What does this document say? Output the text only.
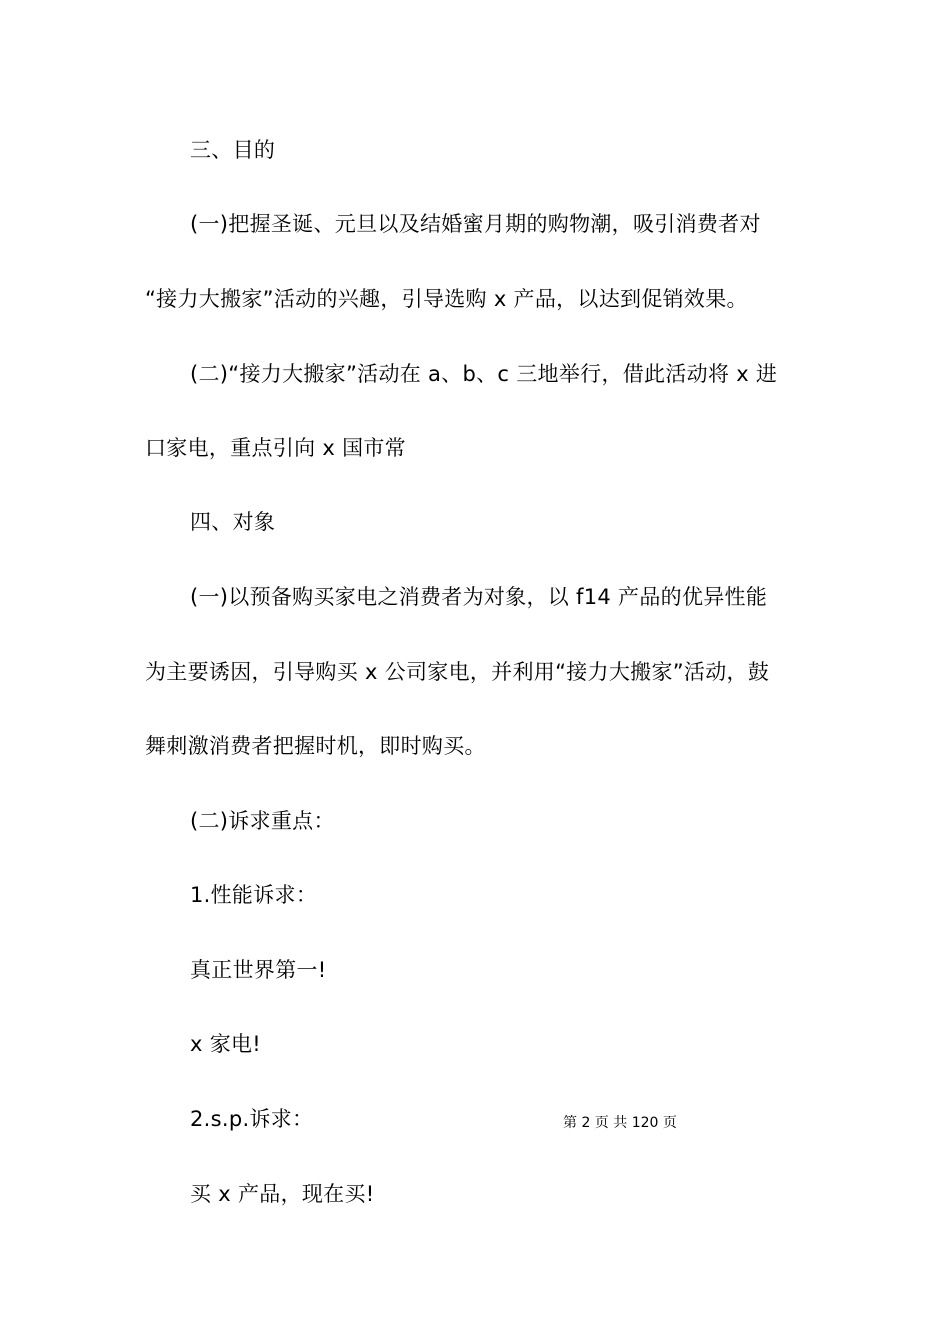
三、目的

(一)把握圣诞、元旦以及结婚蜜月期的购物潮，吸引消费者对

“接力大搬家”活动的兴趣，引导选购 x 产品，以达到促销效果。

(二)“接力大搬家”活动在 a、b、c 三地举行，借此活动将 x 进

口家电，重点引向 x 国市常

四、对象

(一)以预备购买家电之消费者为对象，以 f14 产品的优异性能

为主要诱因，引导购买 x 公司家电，并利用“接力大搬家”活动，鼓

舞刺激消费者把握时机，即时购买。

(二)诉求重点：

1.性能诉求：

真正世界第一!

x 家电!

2.s.p.诉求：

买 x 产品，现在买!

第 2 页 共 120 页
